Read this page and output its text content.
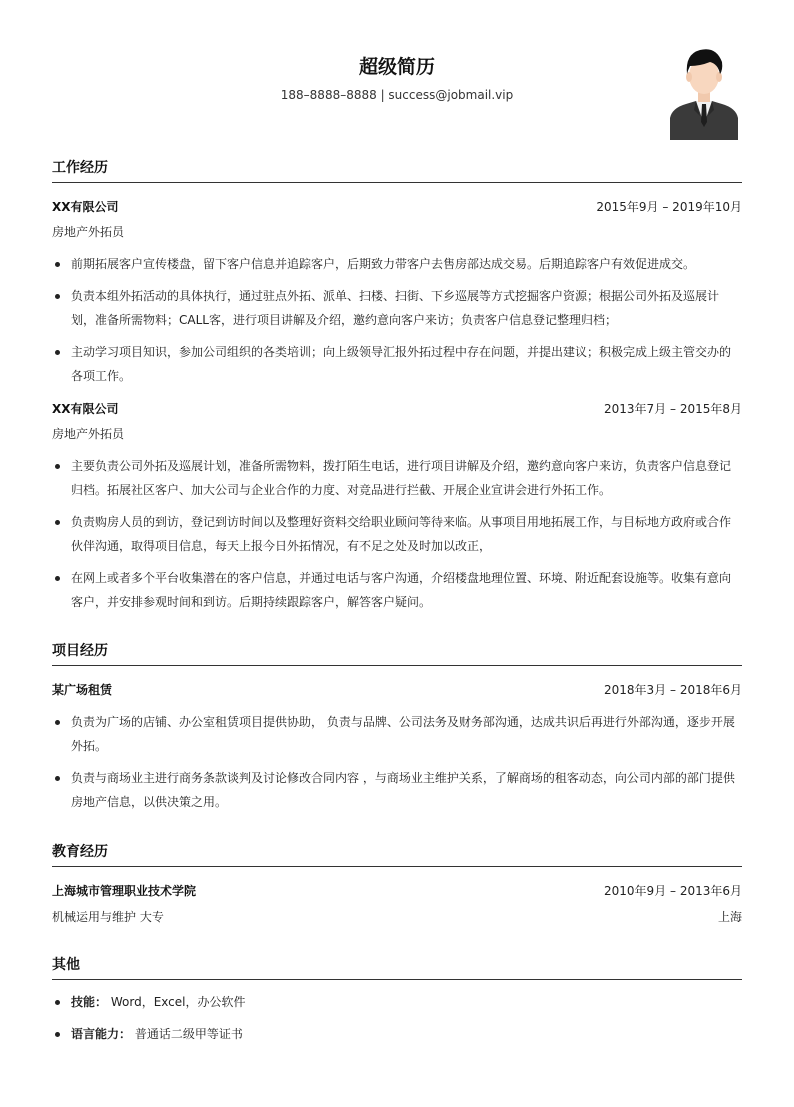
超级简历
188–8888–8888 | success@jobmail.vip
工作经历
XX有限公司	2015年9月 – 2019年10月
房地产外拓员
前期拓展客户宣传楼盘，留下客户信息并追踪客户，后期致力带客户去售房部达成交易。后期追踪客户有效促进成交。
负责本组外拓活动的具体执行，通过驻点外拓、派单、扫楼、扫街、下乡巡展等方式挖掘客户资源；根据公司外拓及巡展计划，准备所需物料；CALL客，进行项目讲解及介绍，邀约意向客户来访；负责客户信息登记整理归档；
主动学习项目知识，参加公司组织的各类培训；向上级领导汇报外拓过程中存在问题，并提出建议；积极完成上级主管交办的各项工作。
XX有限公司	2013年7月 – 2015年8月
房地产外拓员
主要负责公司外拓及巡展计划，准备所需物料，拨打陌生电话，进行项目讲解及介绍，邀约意向客户来访，负责客户信息登记归档。拓展社区客户、加大公司与企业合作的力度、对竞品进行拦截、开展企业宣讲会进行外拓工作。
负责购房人员的到访，登记到访时间以及整理好资料交给职业顾问等待来临。从事项目用地拓展工作，与目标地方政府或合作伙伴沟通，取得项目信息，每天上报今日外拓情况，有不足之处及时加以改正，
在网上或者多个平台收集潜在的客户信息，并通过电话与客户沟通，介绍楼盘地理位置、环境、附近配套设施等。收集有意向客户，并安排参观时间和到访。后期持续跟踪客户，解答客户疑问。
项目经历
某广场租赁	2018年3月 – 2018年6月
负责为广场的店铺、办公室租赁项目提供协助， 负责与品牌、公司法务及财务部沟通，达成共识后再进行外部沟通，逐步开展外拓。
负责与商场业主进行商务条款谈判及讨论修改合同内容 ，与商场业主维护关系，了解商场的租客动态，向公司内部的部门提供房地产信息，以供决策之用。
教育经历
上海城市管理职业技术学院	2010年9月 – 2013年6月
机械运用与维护 大专	上海
其他
技能： Word，Excel，办公软件
语言能力： 普通话二级甲等证书
